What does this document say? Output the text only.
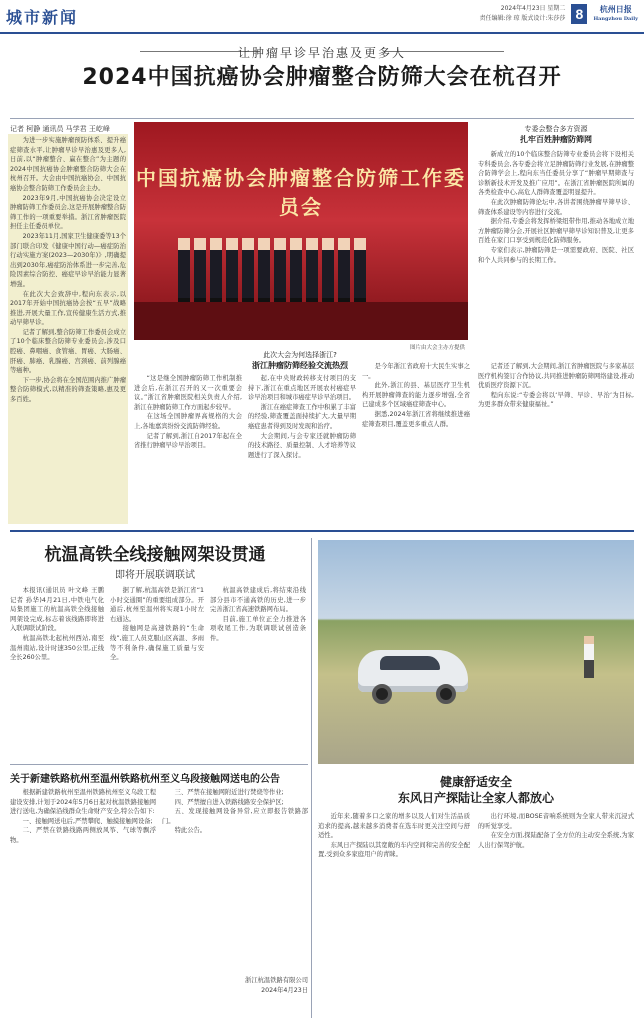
城市新闻	2024年4月23日 星期二
责任编辑:徐 琼 版式设计:朱莎莎 8	杭州日报
Hangzhou Daily
让肿瘤早诊早治惠及更多人
2024中国抗癌协会肿瘤整合防筛大会在杭召开
记者 柯静 通讯员 马学君 王屹峰

为进一步实施肿瘤预防体系、提升癌症筛查水平,让肿瘤早诊早治惠及更多人,日前,以“肿瘤整合、赢在整合”为主题的2024中国抗癌协会肿瘤整合防筛大会在杭州召开。大会由中国抗癌协会、中国抗癌协会整合防筛工作委员会主办。

2023年9月,中国抗癌协会决定设立肿瘤防筛工作委员会,这是开展肿瘤整合防筛工作的一项重要举措。浙江省肿瘤医院担任主任委员单位。

2023年11月,国家卫生健康委等13个部门联合印发《健康中国行动—癌症防治行动实施方案(2023—2030年)》,明确提出到2030年,癌症防治体系进一步完善,危险因素综合防控、癌症早诊早治能力显著增强。

在此次大会致辞中,程向东表示,以2017年开始中国抗癌协会按“五早”战略推进,开展大量工作,宣传健康生活方式,推动早筛早诊。

记者了解到,整合防筛工作委员会成立了10个临床整合防筛专业委员会,涉及口腔癌、鼻咽癌、食管癌、胃癌、大肠癌、肝癌、肺癌、乳腺癌、宫颈癌、前列腺癌等癌种。

下一步,协会将在全国范围内推广肿瘤整合防筛模式,以精准的筛查策略,惠及更多百姓。

中国抗癌协会肿瘤整合防筛工作委员会
图片由大会主办方提供
专委会整合多方资源
扎牢百姓肿瘤防筛网

新成立的10个临床整合防筛专业委员会将下设相关专科委员会,各专委会将立足肿瘤防筛行业发展,在肿瘤整合防筛学会上,程向东当任委员分享了“肿瘤早期筛查与诊断新技术开发及推广应用”。在浙江省肿瘤医院所属的各类检查中心,高危人群筛查覆盖明显提升。

在此次肿瘤防筛论坛中,各讲者围绕肿瘤早筛早诊、筛查体系建设等内容进行交流。

据介绍,专委会将发挥桥梁纽带作用,推动各地成立地方肿瘤防筛分会,开展社区肿瘤早筛早诊知识普及,让更多百姓在家门口享受到规范化防筛服务。

专家们表示,肿瘤防筛是一项需要政府、医院、社区和个人共同参与的长期工作。

记者还了解到,大会期间,浙江省肿瘤医院与多家基层医疗机构签订合作协议,共同推进肿瘤防筛网络建设,推动优质医疗资源下沉。

程向东说:“专委会将以‘早筛、早诊、早治’为目标,为更多群众带来健康福祉。”

此次大会为何选择浙江?
浙江肿瘤防筛经验交流热烈

“这是继全国肿瘤防筛工作机制推进会后,在浙江召开的又一次重要会议。”浙江省肿瘤医院相关负责人介绍,浙江在肿瘤防筛工作方面起步较早。

在这场全国肿瘤界高规格的大会上,各地嘉宾纷纷交流防筛经验。

记者了解到,浙江自2017年起在全省推行肿瘤早诊早治项目。

起,在中央财政转移支付项目的支持下,浙江在重点地区开展农村癌症早诊早治项目和城市癌症早诊早治项目。

浙江在癌症筛查工作中积累了丰富的经验,筛查覆盖面持续扩大,大量早期癌症患者得到及时发现和治疗。

大会期间,与会专家还就肿瘤防筛的技术路径、质量控制、人才培养等议题进行了深入探讨。

是今年浙江省政府十大民生实事之一。

此外,浙江的县、基层医疗卫生机构开展肿瘤筛查的能力逐步增强,全省已建成多个区域癌症筛查中心。

据悉,2024年浙江省将继续推进癌症筛查项目,覆盖更多重点人群。

杭温高铁全线接触网架设贯通
即将开展联调联试

本报讯(通讯员 叶文峰 王鹏 记者 孙华)4月21日,中铁电气化局集团施工的杭温高铁全线接触网架设完成,标志着该线路即将进入联调联试阶段。

杭温高铁北起杭州西站,南至温州南站,设计时速350公里,正线全长260公里。

据了解,杭温高铁是浙江省“1小时交通圈”的重要组成部分。开通后,杭州至温州将实现1小时左右通达。

接触网是高速铁路的“生命线”,施工人员克服山区高温、多雨等不利条件,确保施工质量与安全。

杭温高铁建成后,将结束沿线部分县市不通高铁的历史,进一步完善浙江省高速铁路网布局。

目前,施工单位正全力推进各项收尾工作,为联调联试创造条件。

关于新建铁路杭州至温州铁路杭州至义乌段接触网送电的公告

根据新建铁路杭州至温州铁路杭州至义乌段工程建设安排,计划于2024年5月6日起对杭温铁路接触网进行送电,为确保沿线群众生命财产安全,特公告如下:

一、接触网送电后,严禁攀爬、触摸接触网设备;

二、严禁在铁路线路两侧放风筝、气球等飘浮物。

三、严禁在接触网附近进行焚烧等作业;

四、严禁擅自进入铁路线路安全保护区;

五、发现接触网设备异常,应立即报告铁路部门。

特此公告。

浙江杭温铁路有限公司
2024年4月23日
健康舒适安全
东风日产探陆让全家人都放心

近年来,随着多口之家的增多以及人们对生活品质追求的提高,越来越多消费者在选车时更关注空间与舒适性。

东风日产探陆以其宽敞的车内空间和完善的安全配置,受到众多家庭用户的青睐。

出行环境,而BOSE音响系统则为全家人带来沉浸式的听觉享受。

在安全方面,探陆配备了全方位的主动安全系统,为家人出行保驾护航。
